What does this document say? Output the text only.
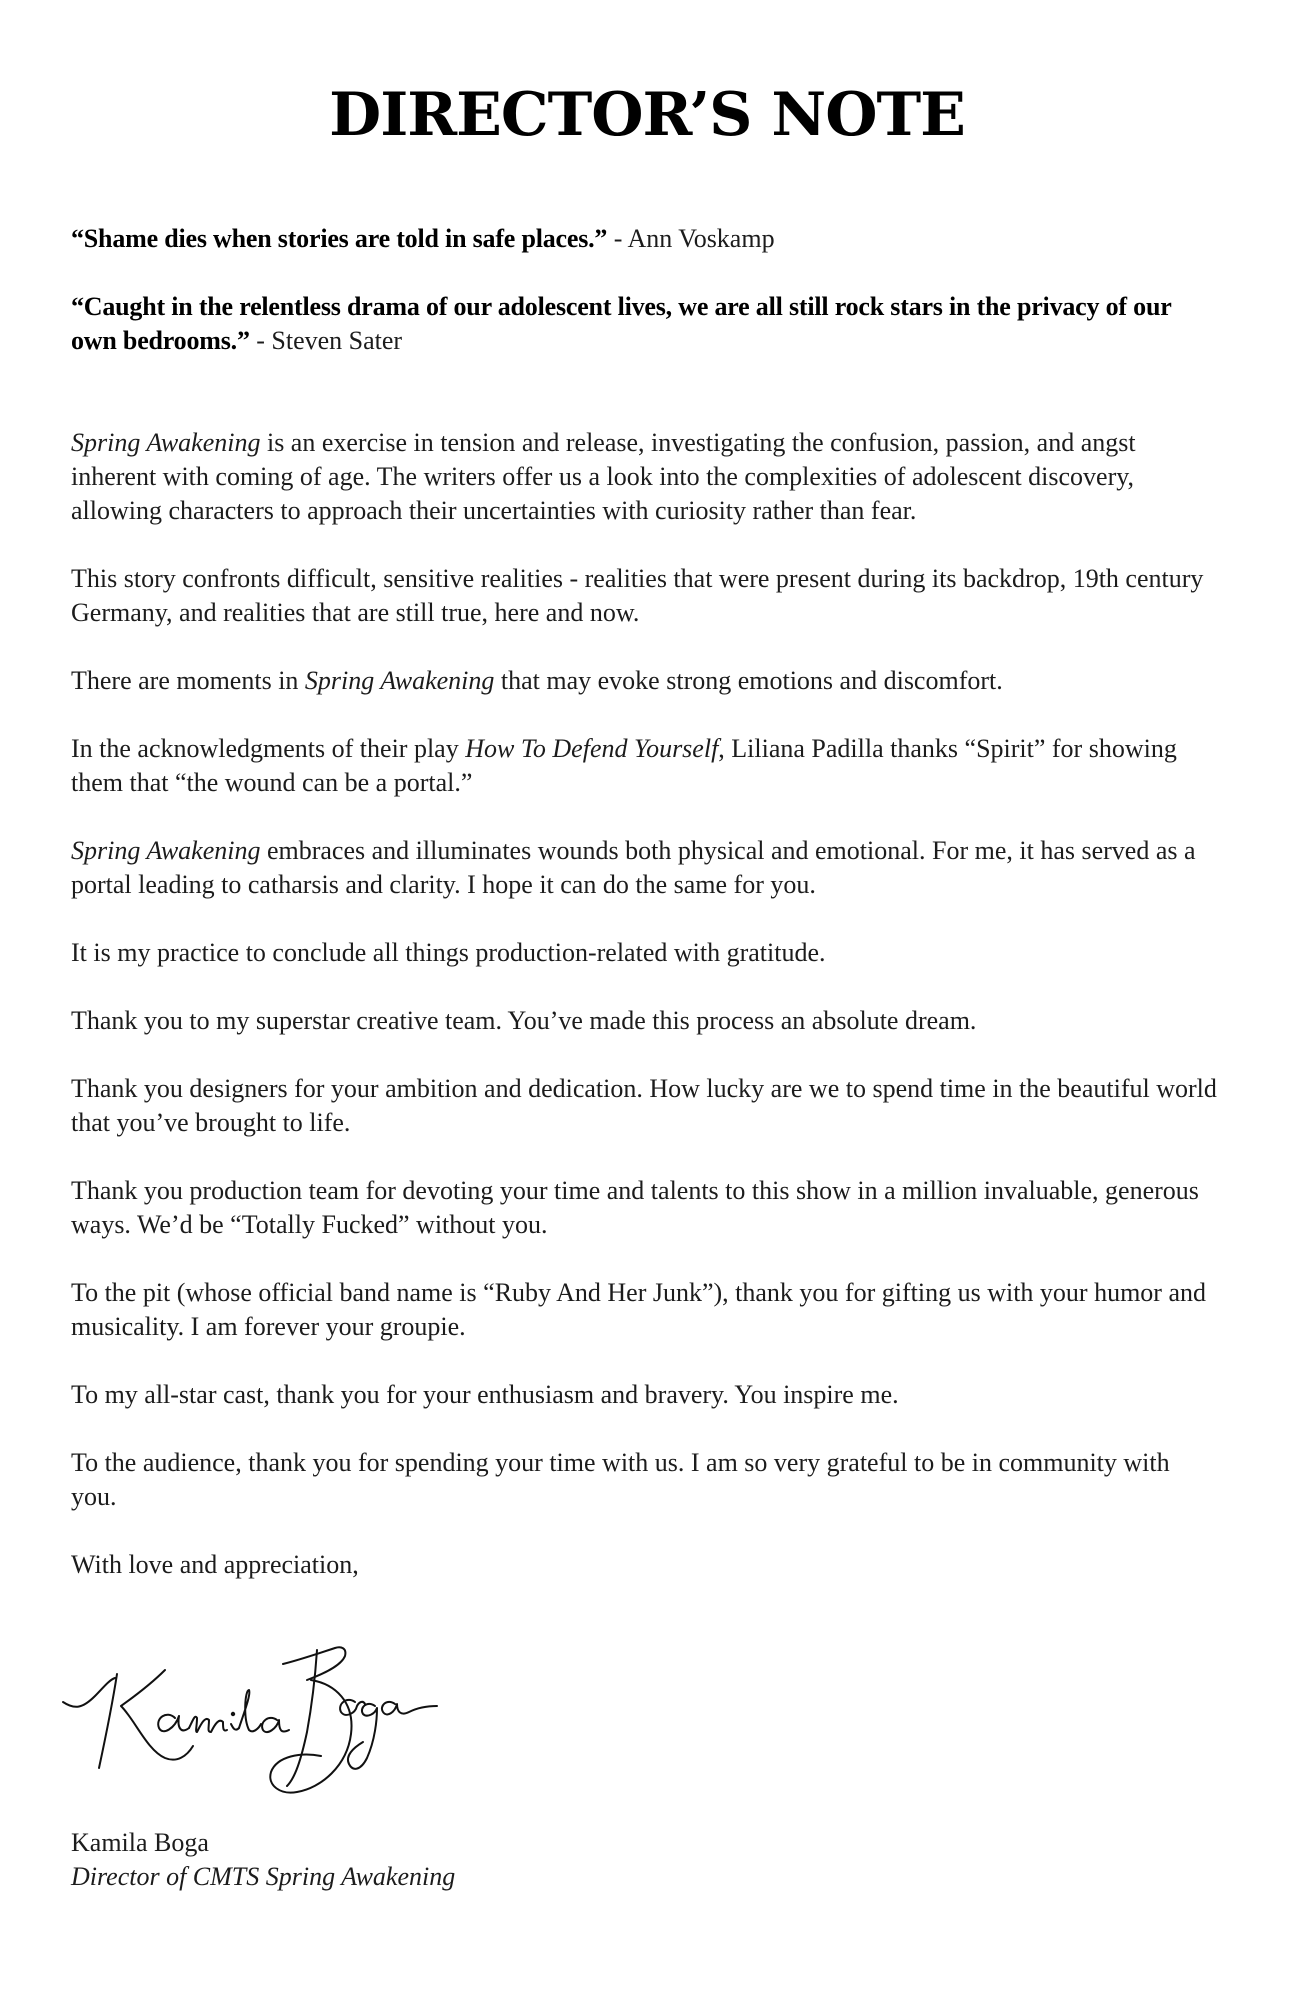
DIRECTOR’S NOTE

“Shame dies when stories are told in safe places.” - Ann Voskamp

“Caught in the relentless drama of our adolescent lives, we are all still rock stars in the privacy of our own bedrooms.” - Steven Sater

Spring Awakening is an exercise in tension and release, investigating the confusion, passion, and angst inherent with coming of age. The writers offer us a look into the complexities of adolescent discovery, allowing characters to approach their uncertainties with curiosity rather than fear.

This story confronts difficult, sensitive realities - realities that were present during its backdrop, 19th century Germany, and realities that are still true, here and now.

There are moments in Spring Awakening that may evoke strong emotions and discomfort.

In the acknowledgments of their play How To Defend Yourself, Liliana Padilla thanks “Spirit” for showing them that “the wound can be a portal.”

Spring Awakening embraces and illuminates wounds both physical and emotional. For me, it has served as a portal leading to catharsis and clarity. I hope it can do the same for you.

It is my practice to conclude all things production-related with gratitude.

Thank you to my superstar creative team. You’ve made this process an absolute dream.

Thank you designers for your ambition and dedication. How lucky are we to spend time in the beautiful world that you’ve brought to life.

Thank you production team for devoting your time and talents to this show in a million invaluable, generous ways. We’d be “Totally Fucked” without you.

To the pit (whose official band name is “Ruby And Her Junk”), thank you for gifting us with your humor and musicality. I am forever your groupie.

To my all-star cast, thank you for your enthusiasm and bravery. You inspire me.

To the audience, thank you for spending your time with us. I am so very grateful to be in community with you.

With love and appreciation,

Kamila Boga

Director of CMTS Spring Awakening
